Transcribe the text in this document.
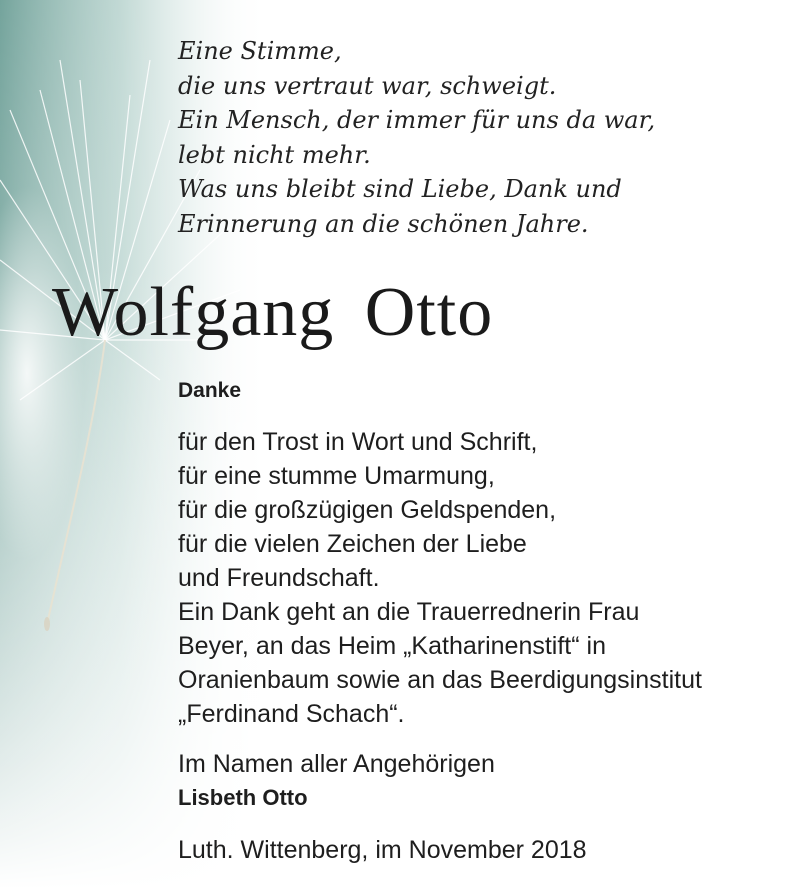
Eine Stimme,
die uns vertraut war, schweigt.
Ein Mensch, der immer für uns da war,
lebt nicht mehr.
Was uns bleibt sind Liebe, Dank und
Erinnerung an die schönen Jahre.
Wolfgang Otto
Danke
für den Trost in Wort und Schrift,
für eine stumme Umarmung,
für die großzügigen Geldspenden,
für die vielen Zeichen der Liebe
und Freundschaft.
Ein Dank geht an die Trauerrednerin Frau
Beyer, an das Heim „Katharinenstift“ in
Oranienbaum sowie an das Beerdigungsinstitut
„Ferdinand Schach“.
Im Namen aller Angehörigen
Lisbeth Otto
Luth. Wittenberg, im November 2018
